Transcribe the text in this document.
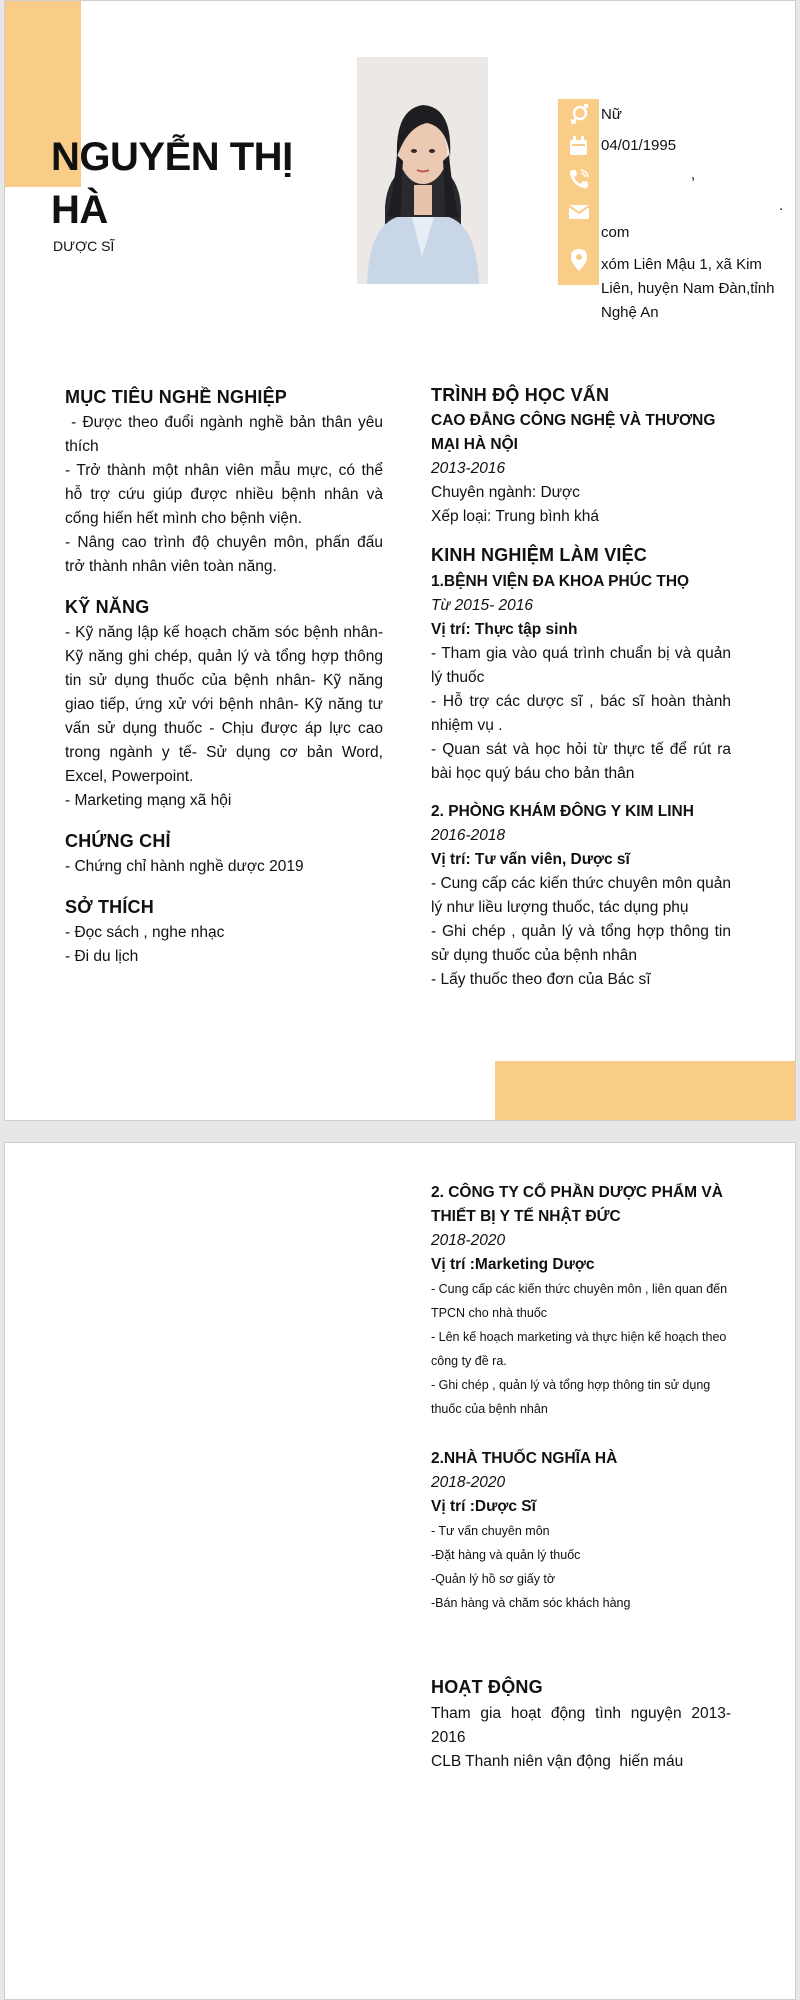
NGUYỄN THỊ HÀ
DƯỢC SĨ
Nữ
04/01/1995
,
.
com
xóm Liên Mậu 1, xã Kim Liên, huyện Nam Đàn,tỉnh Nghệ An
MỤC TIÊU NGHỀ NGHIỆP

- Được theo đuổi ngành nghề bản thân yêu thích

- Trở thành một nhân viên mẫu mực, có thể hỗ trợ cứu giúp được nhiều bệnh nhân và cống hiến hết mình cho bệnh viện.

- Nâng cao trình độ chuyên môn, phấn đấu trở thành nhân viên toàn năng.

KỸ NĂNG

- Kỹ năng lập kế hoạch chăm sóc bệnh nhân- Kỹ năng ghi chép, quản lý và tổng hợp thông tin sử dụng thuốc của bệnh nhân- Kỹ năng giao tiếp, ứng xử với bệnh nhân- Kỹ năng tư vấn sử dụng thuốc - Chịu được áp lực cao trong ngành y tế- Sử dụng cơ bản Word, Excel, Powerpoint.

- Marketing mạng xã hội

CHỨNG CHỈ

- Chứng chỉ hành nghề dược 2019

SỞ THÍCH

- Đọc sách , nghe nhạc

- Đi du lịch

TRÌNH ĐỘ HỌC VẤN
CAO ĐẲNG CÔNG NGHỆ VÀ THƯƠNG MẠI HÀ NỘI
2013-2016
Chuyên ngành: Dược
Xếp loại: Trung bình khá
KINH NGHIỆM LÀM VIỆC
1.BỆNH VIỆN ĐA KHOA PHÚC THỌ
Từ 2015- 2016
Vị trí: Thực tập sinh

- Tham gia vào quá trình chuẩn bị và quản lý thuốc

- Hỗ trợ các dược sĩ , bác sĩ hoàn thành nhiệm vụ .

- Quan sát và học hỏi từ thực tế để rút ra bài học quý báu cho bản thân

2. PHÒNG KHÁM ĐÔNG Y KIM LINH
2016-2018
Vị trí: Tư vấn viên, Dược sĩ

- Cung cấp các kiến thức chuyên môn quản lý như liều lượng thuốc, tác dụng phụ

- Ghi chép , quản lý và tổng hợp thông tin sử dụng thuốc của bệnh nhân

- Lấy thuốc theo đơn của Bác sĩ

2. CÔNG TY CỔ PHẦN DƯỢC PHẨM VÀ THIẾT BỊ Y TẾ NHẬT ĐỨC
2018-2020
Vị trí :Marketing Dược

- Cung cấp các kiến thức chuyên môn , liên quan đến TPCN cho nhà thuốc

- Lên kế hoạch marketing và thực hiện kế hoạch theo công ty đề ra.

- Ghi chép , quản lý và tổng hợp thông tin sử dụng thuốc của bệnh nhân

2.NHÀ THUỐC NGHĨA HÀ
2018-2020
Vị trí :Dược Sĩ

- Tư vấn chuyên môn

-Đặt hàng và quản lý thuốc

-Quản lý hồ sơ giấy tờ

-Bán hàng và chăm sóc khách hàng

HOẠT ĐỘNG

Tham gia hoạt động tình nguyện 2013-2016

CLB Thanh niên vận động  hiến máu
